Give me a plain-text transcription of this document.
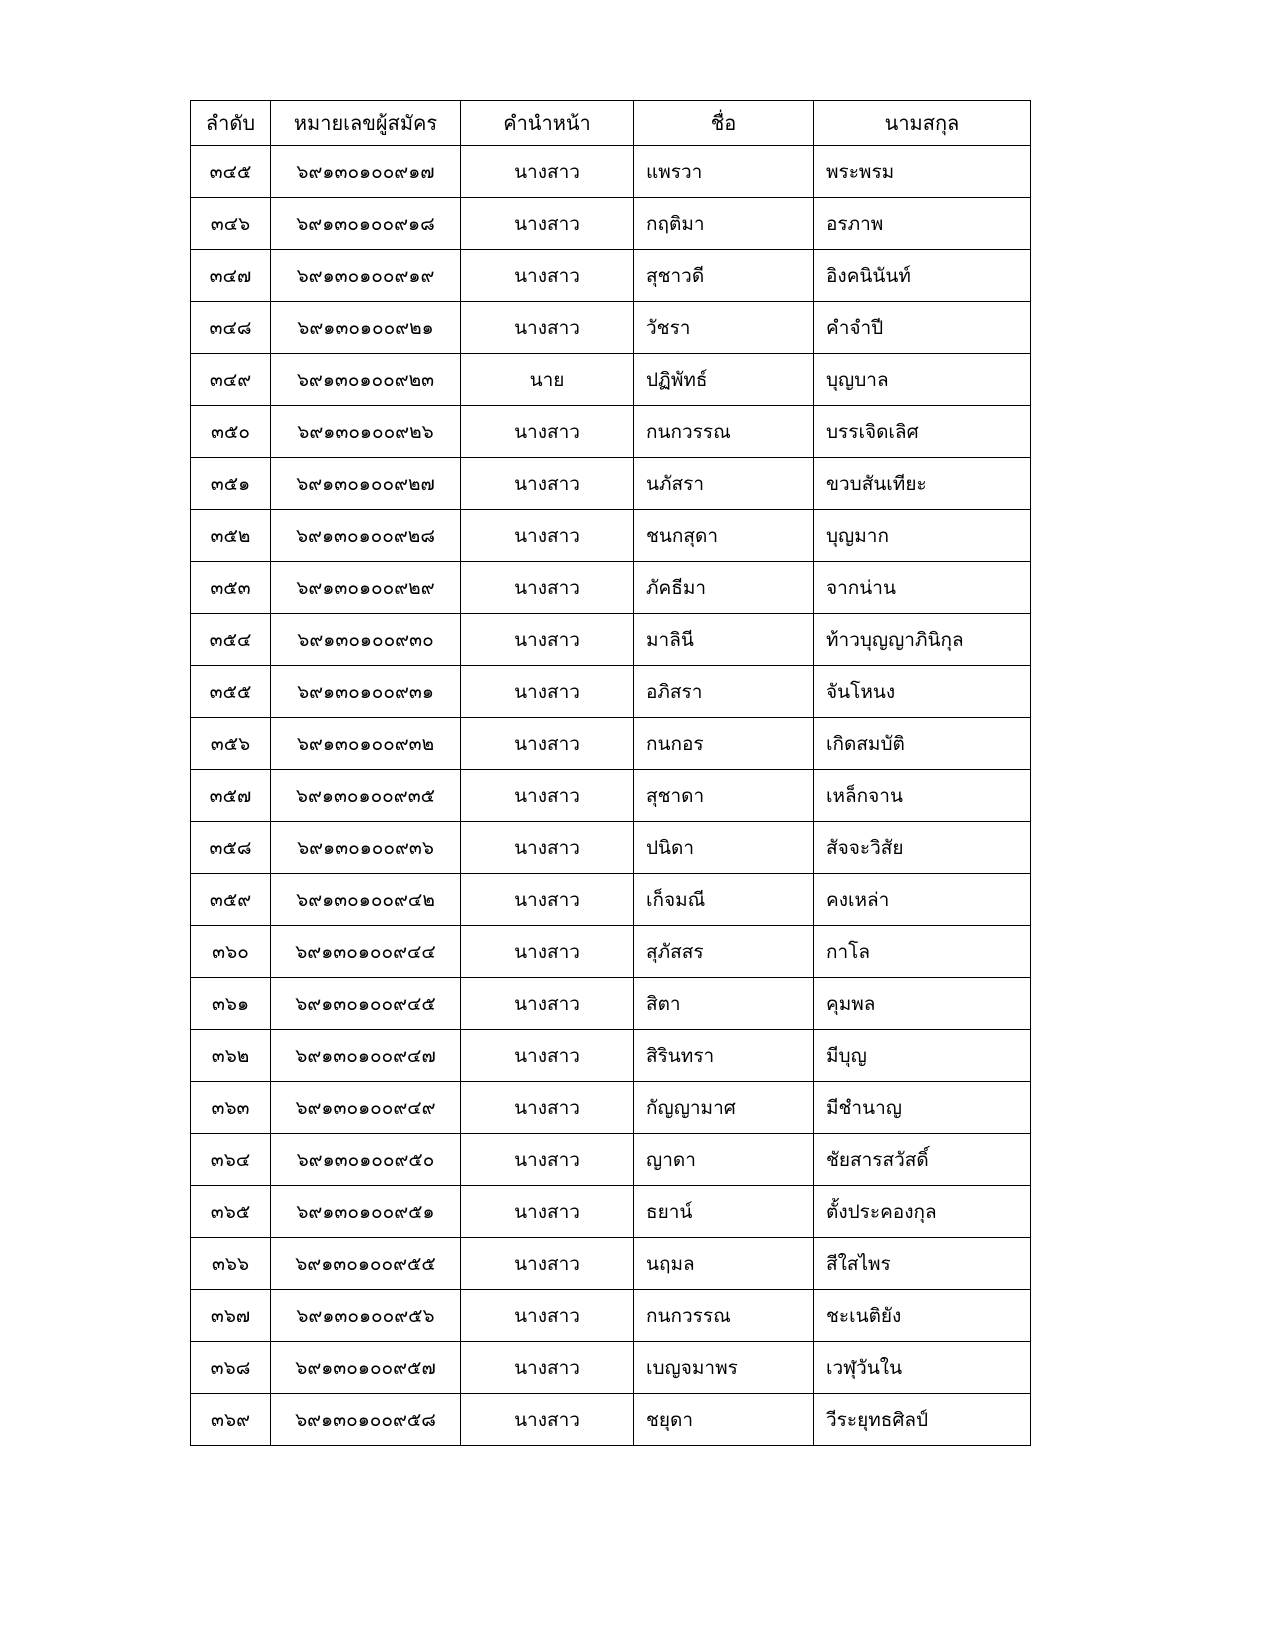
ลำดับ	หมายเลขผู้สมัคร	คำนำหน้า	ชื่อ	นามสกุล
๓๔๕	๖๙๑๓๐๑๐๐๙๑๗	นางสาว	แพรวา	พระพรม
๓๔๖	๖๙๑๓๐๑๐๐๙๑๘	นางสาว	กฤติมา	อรภาพ
๓๔๗	๖๙๑๓๐๑๐๐๙๑๙	นางสาว	สุชาวดี	อิงคนินันท์
๓๔๘	๖๙๑๓๐๑๐๐๙๒๑	นางสาว	วัชรา	คำจำปี
๓๔๙	๖๙๑๓๐๑๐๐๙๒๓	นาย	ปฏิพัทธ์	บุญบาล
๓๕๐	๖๙๑๓๐๑๐๐๙๒๖	นางสาว	กนกวรรณ	บรรเจิดเลิศ
๓๕๑	๖๙๑๓๐๑๐๐๙๒๗	นางสาว	นภัสรา	ขวบสันเทียะ
๓๕๒	๖๙๑๓๐๑๐๐๙๒๘	นางสาว	ชนกสุดา	บุญมาก
๓๕๓	๖๙๑๓๐๑๐๐๙๒๙	นางสาว	ภัคธีมา	จากน่าน
๓๕๔	๖๙๑๓๐๑๐๐๙๓๐	นางสาว	มาลินี	ท้าวบุญญาภินิกุล
๓๕๕	๖๙๑๓๐๑๐๐๙๓๑	นางสาว	อภิสรา	จันโหนง
๓๕๖	๖๙๑๓๐๑๐๐๙๓๒	นางสาว	กนกอร	เกิดสมบัติ
๓๕๗	๖๙๑๓๐๑๐๐๙๓๕	นางสาว	สุชาดา	เหล็กจาน
๓๕๘	๖๙๑๓๐๑๐๐๙๓๖	นางสาว	ปนิดา	สัจจะวิสัย
๓๕๙	๖๙๑๓๐๑๐๐๙๔๒	นางสาว	เก็จมณี	คงเหล่า
๓๖๐	๖๙๑๓๐๑๐๐๙๔๔	นางสาว	สุภัสสร	กาโล
๓๖๑	๖๙๑๓๐๑๐๐๙๔๕	นางสาว	สิตา	คุมพล
๓๖๒	๖๙๑๓๐๑๐๐๙๔๗	นางสาว	สิรินทรา	มีบุญ
๓๖๓	๖๙๑๓๐๑๐๐๙๔๙	นางสาว	กัญญามาศ	มีชำนาญ
๓๖๔	๖๙๑๓๐๑๐๐๙๕๐	นางสาว	ญาดา	ชัยสารสวัสดิ์
๓๖๕	๖๙๑๓๐๑๐๐๙๕๑	นางสาว	ธยาน์	ตั้งประคองกุล
๓๖๖	๖๙๑๓๐๑๐๐๙๕๕	นางสาว	นฤมล	สีใสไพร
๓๖๗	๖๙๑๓๐๑๐๐๙๕๖	นางสาว	กนกวรรณ	ชะเนติยัง
๓๖๘	๖๙๑๓๐๑๐๐๙๕๗	นางสาว	เบญจมาพร	เวฬุวันใน
๓๖๙	๖๙๑๓๐๑๐๐๙๕๘	นางสาว	ชยุดา	วีระยุทธศิลป์
